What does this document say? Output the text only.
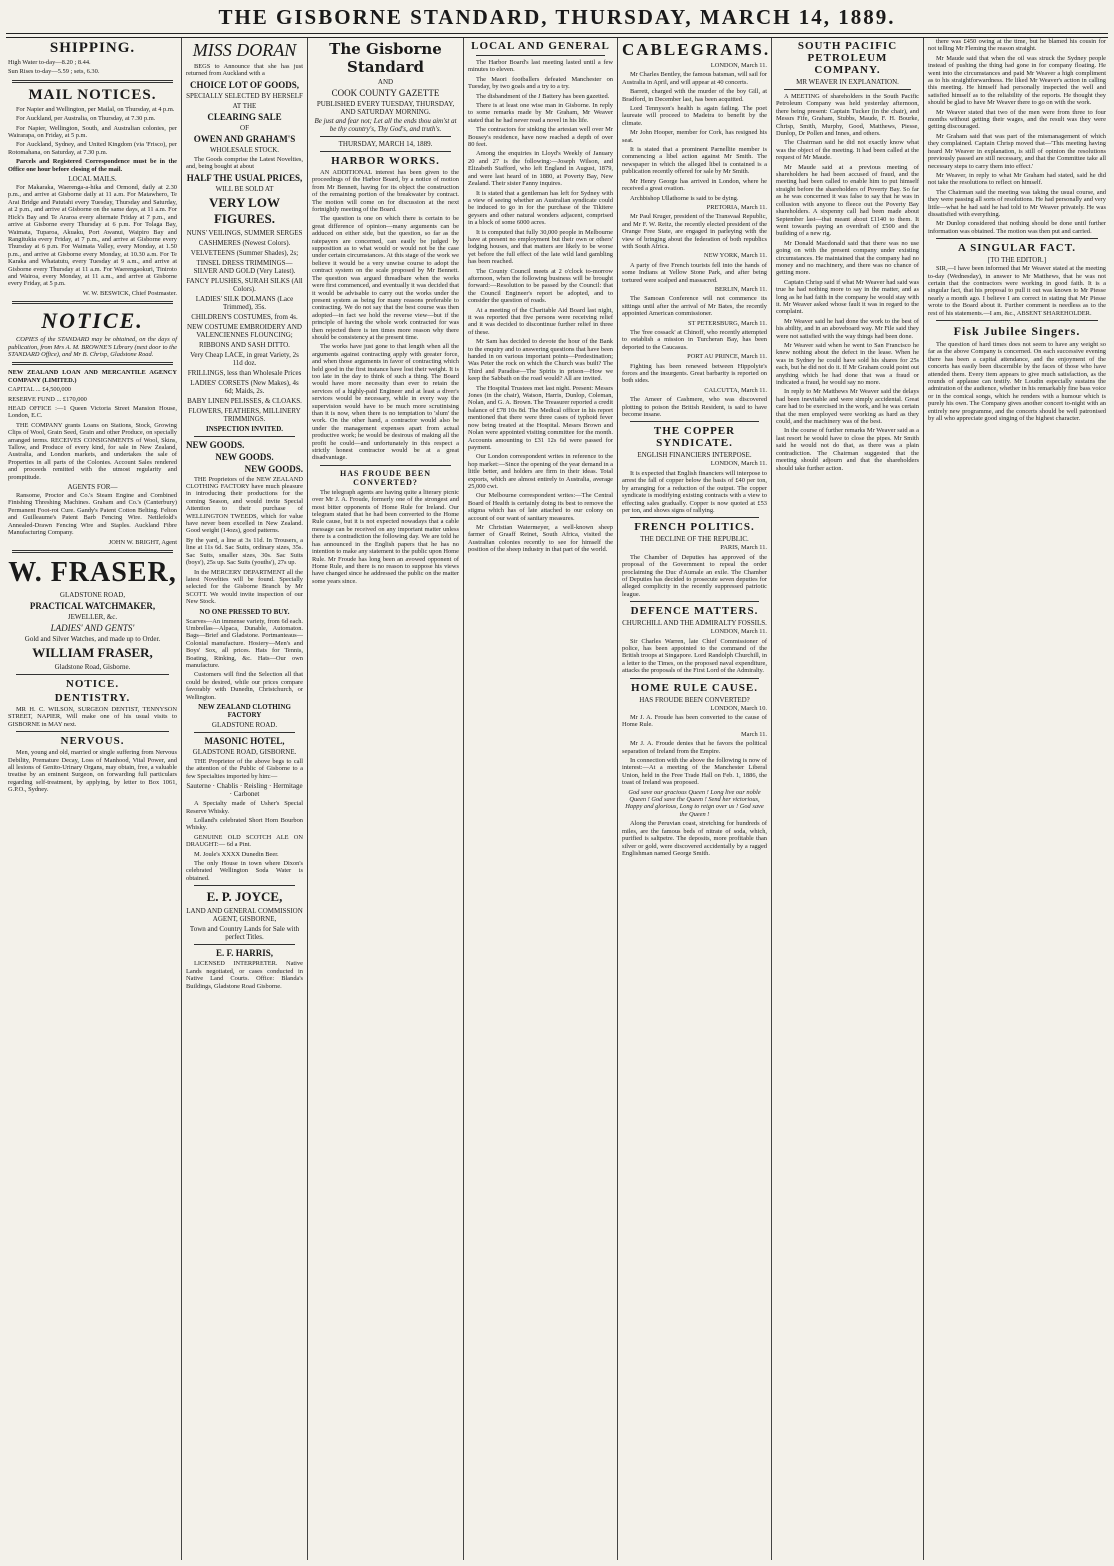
THE GISBORNE STANDARD, THURSDAY, MARCH 14, 1889.
SHIPPING.
High Water to-day—8.20 ; 8.44.
Sun Rises to-day—5.59 ; sets, 6.30.
MAIL NOTICES.
For Napier and Wellington, per Mailal, on Thursday, at 4 p.m.
For Auckland, per Australia, on Thursday, at 7.30 p.m.
For Napier, Wellington, South, and Australian colonies, per Wairarapa, on Friday, at 5 p.m.
For Auckland, Sydney, and United Kingdom (via 'Frisco), per Rotomahana, on Saturday, at 7.30 p.m.
Parcels and Registered Correspondence must be in the Office one hour before closing of the mail.
LOCAL MAILS.
For Makaraka, Waerenga-a-hika and Ormond, daily at 2.30 p.m., and arrive at Gisborne daily at 11 a.m. For Matawhero, Te Arai Bridge and Patutahi every Tuesday, Thursday and Saturday, at 2 p.m., and arrive at Gisborne on the same days, at 11 a.m. For Hick's Bay and Te Araroa every alternate Friday at 7 p.m., and arrive at Gisborne every Thursday at 6 p.m. For Tolaga Bay, Waimata, Tuparoa, Akuaku, Port Awanui, Waipiro Bay and Rangitukia every Friday, at 7 p.m., and arrive at Gisborne every Thursday at 6 p.m. For Waimata Valley, every Monday, at 1.50 p.m., and arrive at Gisborne every Monday, at 10.30 a.m. For Te Karaka and Whatatutu, every Tuesday at 9 a.m., and arrive at Gisborne every Thursday at 11 a.m. For Waerengaokuri, Tiniroto and Wairoa, every Monday, at 11 a.m., and arrive at Gisborne every Friday, at 5 p.m.
W. W. BESWICK, Chief Postmaster.
NOTICE.
COPIES of the STANDARD may be obtained, on the days of publication, from Mrs A. M. BROWNE'S Library (next door to the STANDARD Office), and Mr B. Chrisp, Gladstone Road.
NEW ZEALAND LOAN AND MERCANTILE AGENCY COMPANY (LIMITED.)
CAPITAL ... £4,500,000
RESERVE FUND ... £170,000
HEAD OFFICE :—1 Queen Victoria Street Mansion House, London, E.C.
THE COMPANY grants Loans on Stations, Stock, Growing Clips of Wool, Grain Seed, Grain and other Produce, on specially arranged terms. RECEIVES CONSIGNMENTS of Wool, Skins, Tallow, and Produce of every kind, for sale in New Zealand, Australia, and London markets, and undertakes the sale of Properties in all parts of the Colonies. Account Sales rendered and proceeds remitted with the utmost regularity and promptitude.
AGENTS FOR—
Ransome, Proctor and Co.'s Steam Engine and Combined Finishing Threshing Machines. Graham and Co.'s (Canterbury) Permanent Foot-rot Cure. Gandy's Patent Cotton Belting. Felton and Guilleaume's Patent Barb Fencing Wire. Nettlefold's Annealed-Drawn Fencing Wire and Staples. Auckland Fibre Manufacturing Company.
JOHN W. BRIGHT, Agent
W. FRASER,
GLADSTONE ROAD,
PRACTICAL WATCHMAKER,
JEWELLER, &c.
LADIES' AND GENTS'
Gold and Silver Watches, and made up to Order.
WILLIAM FRASER,
Gladstone Road, Gisborne.
NOTICE.
DENTISTRY.
MR H. C. WILSON, SURGEON DENTIST, TENNYSON STREET, NAPIER, Will make one of his usual visits to GISBORNE in MAY next.
NERVOUS.
Men, young and old, married or single suffering from Nervous Debility, Premature Decay, Loss of Manhood, Vital Power, and all lesions of Genito-Urinary Organs, may obtain, free, a valuable treatise by an eminent Surgeon, on forwarding full particulars regarding self-treatment, by applying, by letter to Box 1061, G.P.O., Sydney.
MISS DORAN
BEGS to Announce that she has just returned from Auckland with a
CHOICE LOT OF GOODS,
SPECIALLY SELECTED BY HERSELF
AT THE
CLEARING SALE
OF
OWEN AND GRAHAM'S
WHOLESALE STOCK.
The Goods comprise the Latest Novelties, and, being bought at about
HALF THE USUAL PRICES,
WILL BE SOLD AT
VERY LOW FIGURES.
NUNS' VEILINGS, SUMMER SERGES
CASHMERES (Newest Colors).
VELVETEENS (Summer Shades), 2s;
TINSEL DRESS TRIMMINGS—SILVER AND GOLD (Very Latest).
FANCY PLUSHES, SURAH SILKS (All Colors).
LADIES' SILK DOLMANS (Lace Trimmed), 35s.
CHILDREN'S COSTUMES, from 4s.
NEW COSTUME EMBROIDERY AND VALENCIENNES FLOUNCING;
RIBBONS AND SASH DITTO.
Very Cheap LACE, in great Variety, 2s 11d doz.
FRILLINGS, less than Wholesale Prices
LADIES' CORSETS (New Makes), 4s 6d; Maids, 2s.
BABY LINEN PELISSES, & CLOAKS.
FLOWERS, FEATHERS, MILLINERY TRIMMINGS.
INSPECTION INVITED.
NEW GOODS.
NEW GOODS.
NEW GOODS.
THE Proprietors of the NEW ZEALAND CLOTHING FACTORY have much pleasure in introducing their productions for the coming Season, and would invite Special Attention to their purchase of WELLINGTON TWEEDS, which for value have never been excelled in New Zealand. Good weight (14ozs), good patterns.
By the yard, a line at 3s 11d. In Trousers, a line at 11s 6d. Sac Suits, ordinary sizes, 35s. Sac Suits, smaller sizes, 30s. Sac Suits (boys'), 25s up. Sac Suits (youths'), 27s up.
In the MERCERY DEPARTMENT all the latest Novelties will be found. Specially selected for the Gisborne Branch by Mr SCOTT. We would invite inspection of our New Stock.
NO ONE PRESSED TO BUY.
Scarves—An immense variety, from 6d each. Umbrellas—Alpaca, Dunable, Automaton. Bags—Brief and Gladstone. Portmanteaus—Colonial manufacture. Hosiery—Men's and Boys' Sox, all prices. Hats for Tennis, Boating, Rinking, &c. Hats—Our own manufacture.
Customers will find the Selection all that could be desired, while our prices compare favorably with Dunedin, Christchurch, or Wellington.
NEW ZEALAND CLOTHING FACTORY
GLADSTONE ROAD.
MASONIC HOTEL,
GLADSTONE ROAD, GISBORNE.
THE Proprietor of the above begs to call the attention of the Public of Gisborne to a few Specialties imported by him:—
Sauterne · Chablis · Reisling · Hermitage · Carbonet
A Specialty made of Usher's Special Reserve Whisky.
Lolland's celebrated Short Horn Bourbon Whisky.
GENUINE OLD SCOTCH ALE ON DRAUGHT:— 6d a Pint.
M. Joule's XXXX Dunedin Beer.
The only House in town where Dixon's celebrated Wellington Soda Water is obtained.
E. P. JOYCE,
LAND AND GENERAL COMMISSION AGENT, GISBORNE,
Town and Country Lands for Sale with perfect Titles.
E. F. HARRIS,
LICENSED INTERPRETER. Native Lands negotiated, or cases conducted in Native Land Courts. Office: Blanda's Buildings, Gladstone Road Gisborne.
The Gisborne Standard
AND
COOK COUNTY GAZETTE
PUBLISHED EVERY TUESDAY, THURSDAY, AND SATURDAY MORNING.
Be just and fear not; Let all the ends thou aim'st at be thy country's, Thy God's, and truth's.
THURSDAY, MARCH 14, 1889.
HARBOR WORKS.
AN ADDITIONAL interest has been given to the proceedings of the Harbor Board, by a notice of motion from Mr Bennett, having for its object the construction of the remaining portion of the breakwater by contract. The motion will come on for discussion at the next fortnightly meeting of the Board.
The question is one on which there is certain to be great difference of opinion—many arguments can be adduced on either side, but the question, so far as the ratepayers are concerned, can easily be judged by supposition as to what would or would not be the case under certain circumstances. At this stage of the work we believe it would be a very unwise course to adopt the contract system on the scale proposed by Mr Bennett. The question was argued threadbare when the works were first commenced, and eventually it was decided that it would be advisable to carry out the works under the present system as being for many reasons preferable to contracting. We do not say that the best course was then adopted—in fact we hold the reverse view—but if the principle of having the whole work contracted for was then rejected there is ten times more reason why there should be consistency at the present time.
The works have just gone to that length when all the arguments against contracting apply with greater force, and when those arguments in favor of contracting which held good in the first instance have lost their weight. It is too late in the day to think of such a thing. The Board would have more necessity than ever to retain the services of a highly-paid Engineer and at least a diver's services would be necessary, while in every way the supervision would have to be much more scrutinising than it is now, when there is no temptation to 'slum' the work. On the other hand, a contractor would also be under the management expenses apart from actual productive work; he would be desirous of making all the profit he could—and unfortunately in this respect a strictly honest contractor would be at a great disadvantage.
HAS FROUDE BEEN CONVERTED?
The telegraph agents are having quite a literary picnic over Mr J. A. Froude, formerly one of the strongest and most bitter opponents of Home Rule for Ireland. Our telegram stated that he had been converted to the Home Rule cause, but it is not expected nowadays that a cable message can be received on any important matter unless there is a contradiction the following day. We are told he has announced in the English papers that he has no intention to make any statement to the public upon Home Rule. Mr Froude has long been an avowed opponent of Home Rule, and there is no reason to suppose his views have changed since he addressed the public on the matter some years since.
LOCAL AND GENERAL
The Harbor Board's last meeting lasted until a few minutes to eleven.
The Maori footballers defeated Manchester on Tuesday, by two goals and a try to a try.
The disbandment of the J Battery has been gazetted.
There is at least one wise man in Gisborne. In reply to some remarks made by Mr Graham, Mr Weaver stated that he had never read a novel in his life.
The contractors for sinking the artesian well over Mr Bousey's residence, have now reached a depth of over 80 feet.
Among the enquiries in Lloyd's Weekly of January 20 and 27 is the following:—Joseph Wilson, and Elizabeth Stafford, who left England in August, 1879, and were last heard of in 1880, at Poverty Bay, New Zealand. Their sister Fanny inquires.
It is stated that a gentleman has left for Sydney with a view of seeing whether an Australian syndicate could be induced to go in for the purchase of the Tikitere geysers and other natural wonders adjacent, comprised in a block of some 6000 acres.
It is computed that fully 30,000 people in Melbourne have at present no employment but their own or others' lodging houses, and that matters are likely to be worse yet before the full effect of the late wild land gambling has been reached.
The County Council meets at 2 o'clock to-morrow afternoon, when the following business will be brought forward:—Resolution to be passed by the Council: that the Council Engineer's report be adopted, and to consider the question of roads.
At a meeting of the Charitable Aid Board last night, it was reported that five persons were receiving relief and it was decided to discontinue further relief in three of these.
Mr Sam has decided to devote the hour of the Bank to the enquiry and to answering questions that have been handed in on various important points—Predestination; Was Peter the rock on which the Church was built? The Third and Paradise—The Spirits in prison—How we keep the Sabbath on the road would? All are invited.
The Hospital Trustees met last night. Present: Messrs Jones (in the chair), Watson, Harris, Dunlop, Coleman, Nolan, and G. A. Brown. The Treasurer reported a credit balance of £78 10s 8d. The Medical officer in his report mentioned that there were three cases of typhoid fever now being treated at the Hospital. Messrs Brown and Nolan were appointed visiting committee for the month. Accounts amounting to £31 12s 6d were passed for payment.
Our London correspondent writes in reference to the hop market:—Since the opening of the year demand in a little better, and holders are firm in their ideas. Total exports, which are almost entirely to Australia, average 25,000 cwt.
Our Melbourne correspondent writes:—The Central Board of Health is certainly doing its best to remove the stigma which has of late attached to our colony on account of our want of sanitary measures.
Mr Christian Watermeyer, a well-known sheep farmer of Graaff Reinet, South Africa, visited the Australian colonies recently to see for himself the position of the sheep industry in that part of the world.
CABLEGRAMS.
LONDON, March 11.
Mr Charles Bentley, the famous batsman, will sail for Australia in April, and will appear at 40 concerts.
Barrett, charged with the murder of the boy Gill, at Bradford, in December last, has been acquitted.
Lord Tennyson's health is again failing. The poet laureate will proceed to Madeira to benefit by the climate.
Mr John Hooper, member for Cork, has resigned his seat.
It is stated that a prominent Parnellite member is commencing a libel action against Mr Smith. The newspaper in which the alleged libel is contained is a publication recently offered for sale by Mr Smith.
Mr Henry George has arrived in London, where he received a great ovation.
Archbishop Ullathorne is said to be dying.
PRETORIA, March 11.
Mr Paul Kruger, president of the Transvaal Republic, and Mr F. W. Reitz, the recently elected president of the Orange Free State, are engaged in parleying with the view of bringing about the federation of both republics with South Africa.
NEW YORK, March 11.
A party of five French tourists fell into the hands of some Indians at Yellow Stone Park, and after being tortured were scalped and massacred.
BERLIN, March 11.
The Samoan Conference will not commence its sittings until after the arrival of Mr Bates, the recently appointed American commissioner.
ST PETERSBURG, March 11.
The 'free cossack' at Chinoff, who recently attempted to establish a mission in Turcheran Bay, has been deported to the Caucasus.
PORT AU PRINCE, March 11.
Fighting has been renewed between Hippolyte's forces and the insurgents. Great barbarity is reported on both sides.
CALCUTTA, March 11.
The Ameer of Cashmere, who was discovered plotting to poison the British Resident, is said to have become insane.
THE COPPER SYNDICATE.
ENGLISH FINANCIERS INTERPOSE.
LONDON, March 11.
It is expected that English financiers will interpose to arrest the fall of copper below the basis of £40 per ton, by arranging for a reduction of the output. The copper syndicate is modifying existing contracts with a view to effecting sales gradually. Copper is now quoted at £53 per ton, and shows signs of rallying.
FRENCH POLITICS.
THE DECLINE OF THE REPUBLIC.
PARIS, March 11.
The Chamber of Deputies has approved of the proposal of the Government to repeal the order proclaiming the Duc d'Aumale an exile. The Chamber of Deputies has decided to prosecute seven deputies for alleged complicity in the recently suppressed patriotic league.
DEFENCE MATTERS.
CHURCHILL AND THE ADMIRALTY FOSSILS.
LONDON, March 11.
Sir Charles Warren, late Chief Commissioner of police, has been appointed to the command of the British troops at Singapore. Lord Randolph Churchill, in a letter to the Times, on the proposed naval expenditure, attacks the proposals of the First Lord of the Admiralty.
HOME RULE CAUSE.
HAS FROUDE BEEN CONVERTED?
LONDON, March 10.
Mr J. A. Froude has been converted to the cause of Home Rule.
March 11.
Mr J. A. Froude denies that he favors the political separation of Ireland from the Empire.
In connection with the above the following is now of interest:—At a meeting of the Manchester Liberal Union, held in the Free Trade Hall on Feb. 1, 1886, the toast of Ireland was proposed.
God save our gracious Queen ! Long live our noble Queen ! God save the Queen ! Send her victorious, Happy and glorious, Long to reign over us ! God save the Queen !
Along the Peruvian coast, stretching for hundreds of miles, are the famous beds of nitrate of soda, which, purified is saltpetre. The deposits, more profitable than silver or gold, were discovered accidentally by a ragged Englishman named George Smith.
SOUTH PACIFIC PETROLEUM COMPANY.
MR WEAVER IN EXPLANATION.
A MEETING of shareholders in the South Pacific Petroleum Company was held yesterday afternoon, there being present: Captain Tucker (in the chair), and Messrs Fife, Graham, Stubbs, Maude, F. H. Bourke, Chrisp, Smith, Murphy, Good, Matthews, Piesse, Dunlop, Dr Pollen and Innes, and others.
The Chairman said he did not exactly know what was the object of the meeting. It had been called at the request of Mr Maude.
Mr Maude said at a previous meeting of shareholders he had been accused of fraud, and the meeting had been called to enable him to put himself straight before the shareholders of Poverty Bay. So far as he was concerned it was false to say that he was in collusion with anyone to fleece out the Poverty Bay shareholders. A sixpenny call had been made about September last—that meant about £1140 to them. It went towards paying an overdraft of £500 and the building of a new rig.
Mr Donald Macdonald said that there was no use going on with the present company under existing circumstances. He maintained that the company had no money and no machinery, and there was no chance of getting more.
Captain Chrisp said if what Mr Weaver had said was true he had nothing more to say in the matter, and as long as he had faith in the company he would stay with it. Mr Weaver asked whose fault it was in regard to the complaint.
Mr Weaver said he had done the work to the best of his ability, and in an aboveboard way. Mr File said they were not satisfied with the way things had been done.
Mr Weaver said when he went to San Francisco he knew nothing about the defect in the lease. When he was in Sydney he could have sold his shares for 25s each, but he did not do it. If Mr Graham could point out anything which he had done that was a fraud or indicated a fraud, he would say no more.
In reply to Mr Matthews Mr Weaver said the delays had been inevitable and were simply accidental. Great care had to be exercised in the work, and he was certain that the men employed were working as hard as they could, and the machinery was of the best.
In the course of further remarks Mr Weaver said as a last resort he would have to close the pipes. Mr Smith said he would not do that, as there was a plain contradiction. The Chairman suggested that the meeting should adjourn and that the shareholders should take further action.
there was £450 owing at the time, but he blamed his cousin for not telling Mr Fleming the reason straight.
Mr Maude said that when the oil was struck the Sydney people instead of pushing the thing had gone in for company floating. He went into the circumstances and paid Mr Weaver a high compliment as to his straightforwardness. He liked Mr Weaver's action in calling this meeting. He himself had personally inspected the well and satisfied himself as to the reliability of the reports. He thought they should be glad to have Mr Weaver there to go on with the work.
Mr Weaver stated that two of the men were from three to four months without getting their wages, and the result was they were getting discouraged.
Mr Graham said that was part of the mismanagement of which they complained. Captain Chrisp moved that—'This meeting having heard Mr Weaver in explanation, is still of opinion the resolutions previously passed are still necessary, and that the Committee take all necessary steps to carry them into effect.'
Mr Weaver, in reply to what Mr Graham had stated, said he did not take the resolutions to reflect on himself.
The Chairman said the meeting was taking the usual course, and they were passing all sorts of resolutions. He had personally and very little—what he had said he had told to Mr Weaver privately. He was dissatisfied with everything.
Mr Dunlop considered that nothing should be done until further information was obtained. The motion was then put and carried.
A SINGULAR FACT.
[TO THE EDITOR.]
SIR,—I have been informed that Mr Weaver stated at the meeting to-day (Wednesday), in answer to Mr Matthews, that he was not certain that the contractors were working in good faith. It is a singular fact, that his proposal to pull it out was known to Mr Piesse nearly a month ago. I believe I am correct in stating that Mr Piesse wrote to the Board about it. Further comment is needless as to the rest of his statements.—I am, &c., ABSENT SHAREHOLDER.
Fisk Jubilee Singers.
The question of hard times does not seem to have any weight so far as the above Company is concerned. On each successive evening there has been a capital attendance, and the enjoyment of the concerts has easily been discernible by the faces of those who have attended them. Every item appears to give much satisfaction, as the rounds of applause can testify. Mr Loudin especially sustains the admiration of the audience, whether in his remarkably fine bass voice or in the comical songs, which he renders with a humour which is purely his own. The Company gives another concert to-night with an entirely new programme, and the concerts should be well patronised by all who appreciate good singing of the highest character.
